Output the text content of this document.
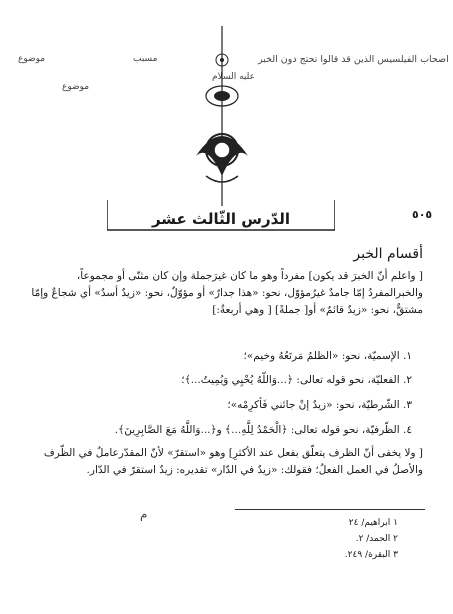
اصحاب الفيلسيس الذين قد قالوا تحتج دون الخبر
مسبب
موضوع
عليه السلام
موضوع
الدّرس الثّالث عشر	٥٠٥
أقسام الخبر
[ واعلم أنّ الخبرَ قد يكون] مفرداً وهو ما كان غيرَجملة وإن كان مثنّى أو مجموعاً، والخبرالمفردُ إمّا جامدٌ غيرُمؤوّل، نحو: «هذا جدارٌ» أو مؤوّلٌ، نحو: «زيدٌ أسدٌ» أي شجاعٌ وإمّا مشتقٌّ، نحو: «زيدٌ قائمٌ» أو[ جملةً] [ وهي أربعةٌ:]
١. الإسميّة، نحو: «الظلمُ مَرتَعُهُ وخيم»؛
٢. الفعليّة، نحو قوله تعالى: ﴿...وَاللّهُ يُحْيِي وَيُمِيتُ...﴾؛
٣. الشّرطيّة، نحو: «زيدٌ إنْ جائني فَأكرِمْه»؛
٤. الظّرفيّة، نحو قوله تعالى: ﴿الْحَمْدُ لِلَّهِ...﴾ و﴿...وَاللَّهُ مَعَ الصَّابِرِينَ﴾.
[ ولا يخفى أنّ الظرف يتعلّق بفعل عند الأكثرِ] وهو «استقرّ» لأنّ المقدّرعاملٌ في الظّرف والأصلُ في العمل الفعلُ؛ فقولك: «زيدٌ في الدّار» تقديره: زيدٌ استقرّ في الدّار.
م
١ ابراهيم/ ٢٤
٢ الحمد/ ٢.
٣ البقرة/ ٢٤٩.
